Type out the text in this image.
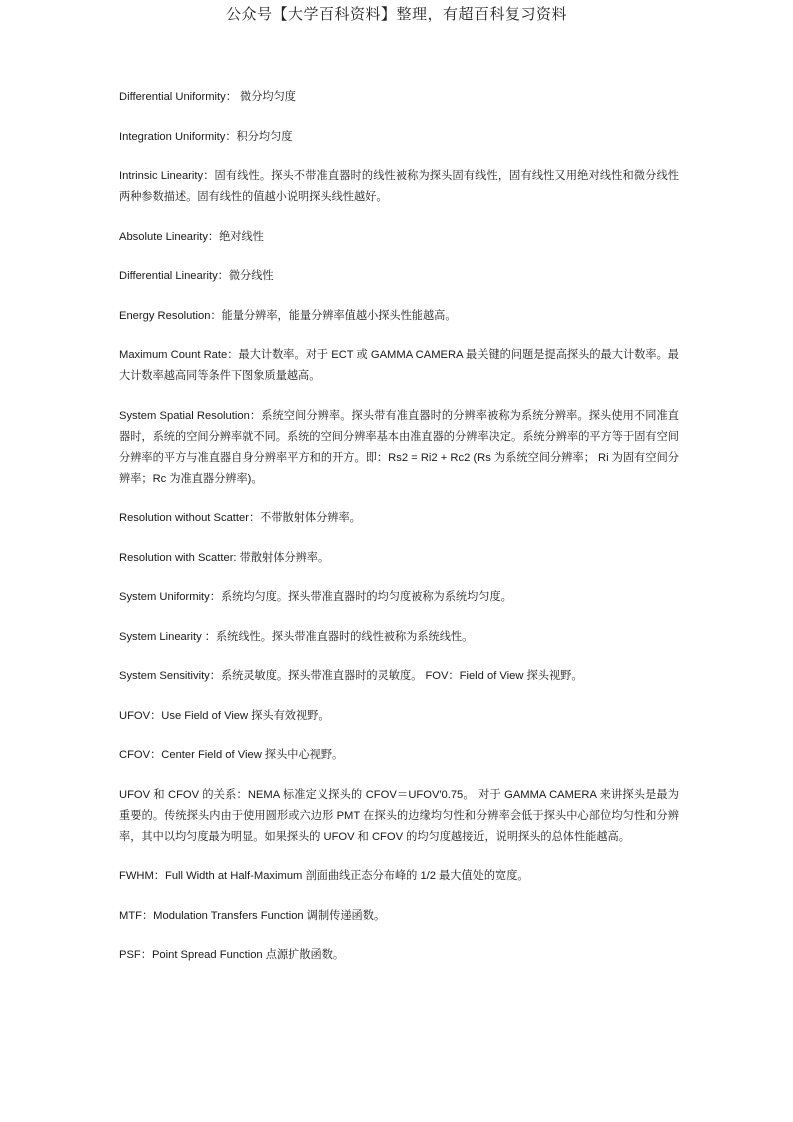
公众号【大学百科资料】整理，有超百科复习资料

Differential Uniformity： 微分均匀度

Integration Uniformity：积分均匀度

Intrinsic Linearity：固有线性。探头不带准直器时的线性被称为探头固有线性，固有线性又用绝对线性和微分线性两种参数描述。固有线性的值越小说明探头线性越好。

Absolute Linearity：绝对线性

Differential Linearity：微分线性

Energy Resolution：能量分辨率，能量分辨率值越小探头性能越高。

Maximum Count Rate：最大计数率。对于 ECT 或 GAMMA CAMERA 最关键的问题是提高探头的最大计数率。最大计数率越高同等条件下图象质量越高。

System Spatial Resolution：系统空间分辨率。探头带有准直器时的分辨率被称为系统分辨率。探头使用不同准直器时，系统的空间分辨率就不同。系统的空间分辨率基本由准直器的分辨率决定。系统分辨率的平方等于固有空间分辨率的平方与准直器自身分辨率平方和的开方。即：Rs2 = Ri2 + Rc2 (Rs 为系统空间分辨率； Ri 为固有空间分辨率；Rc 为准直器分辨率)。

Resolution without Scatter：不带散射体分辨率。

Resolution with Scatter: 带散射体分辨率。

System Uniformity：系统均匀度。探头带准直器时的均匀度被称为系统均匀度。

System Linearity ：系统线性。探头带准直器时的线性被称为系统线性。

System Sensitivity：系统灵敏度。探头带准直器时的灵敏度。 FOV：Field of View 探头视野。

UFOV：Use Field of View 探头有效视野。

CFOV：Center Field of View 探头中心视野。

UFOV 和 CFOV 的关系：NEMA 标准定义探头的 CFOV＝UFOV′0.75。 对于 GAMMA CAMERA 来讲探头是最为重要的。传统探头内由于使用圆形或六边形 PMT 在探头的边缘均匀性和分辨率会低于探头中心部位均匀性和分辨率，其中以均匀度最为明显。如果探头的 UFOV 和 CFOV 的均匀度越接近，说明探头的总体性能越高。

FWHM：Full Width at Half-Maximum 剖面曲线正态分布峰的 1/2 最大值处的宽度。

MTF：Modulation Transfers Function 调制传递函数。

PSF：Point Spread Function 点源扩散函数。
